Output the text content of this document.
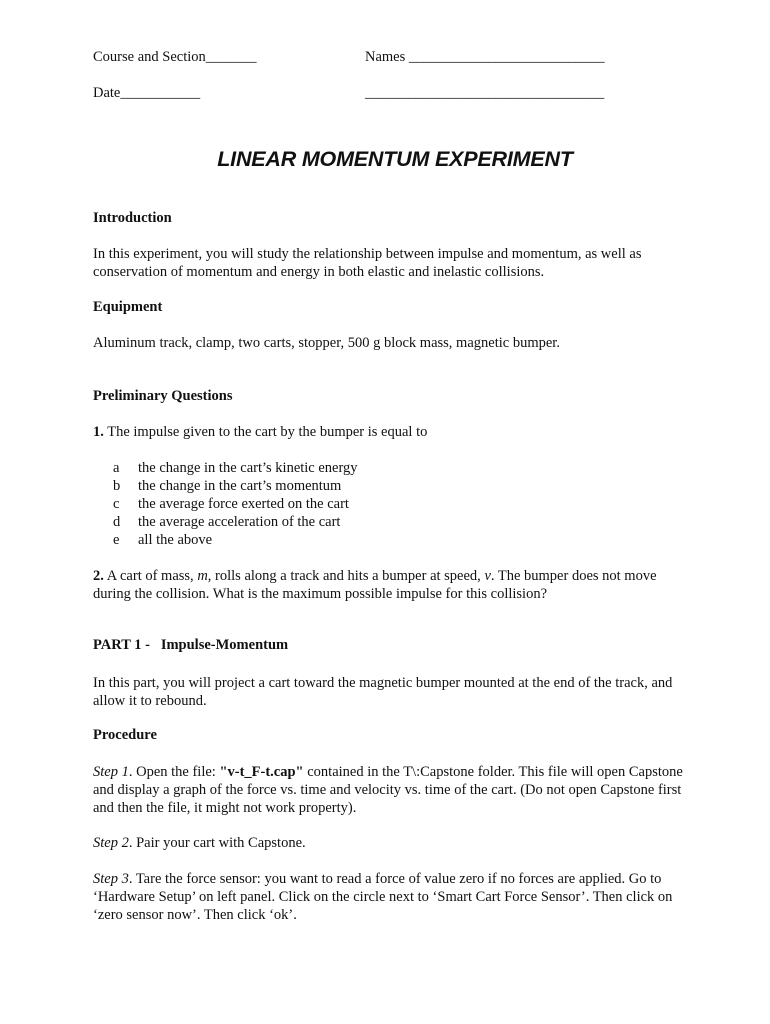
Course and Section_______	Names ___________________________
Date___________	_________________________________
LINEAR MOMENTUM EXPERIMENT
Introduction
In this experiment, you will study the relationship between impulse and momentum, as well as conservation of momentum and energy in both elastic and inelastic collisions.
Equipment
Aluminum track, clamp, two carts, stopper, 500 g block mass, magnetic bumper.
Preliminary Questions
1. The impulse given to the cart by the bumper is equal to
a the change in the cart’s kinetic energy
b the change in the cart’s momentum
c the average force exerted on the cart
d the average acceleration of the cart
e all the above
2. A cart of mass, m, rolls along a track and hits a bumper at speed, v. The bumper does not move during the collision. What is the maximum possible impulse for this collision?
PART 1 -   Impulse-Momentum
In this part, you will project a cart toward the magnetic bumper mounted at the end of the track, and allow it to rebound.
Procedure
Step 1. Open the file: "v-t_F-t.cap" contained in the T\:Capstone folder. This file will open Capstone and display a graph of the force vs. time and velocity vs. time of the cart. (Do not open Capstone first and then the file, it might not work property).
Step 2. Pair your cart with Capstone.
Step 3. Tare the force sensor: you want to read a force of value zero if no forces are applied. Go to ‘Hardware Setup’ on left panel. Click on the circle next to ‘Smart Cart Force Sensor’. Then click on ‘zero sensor now’. Then click ‘ok’.
